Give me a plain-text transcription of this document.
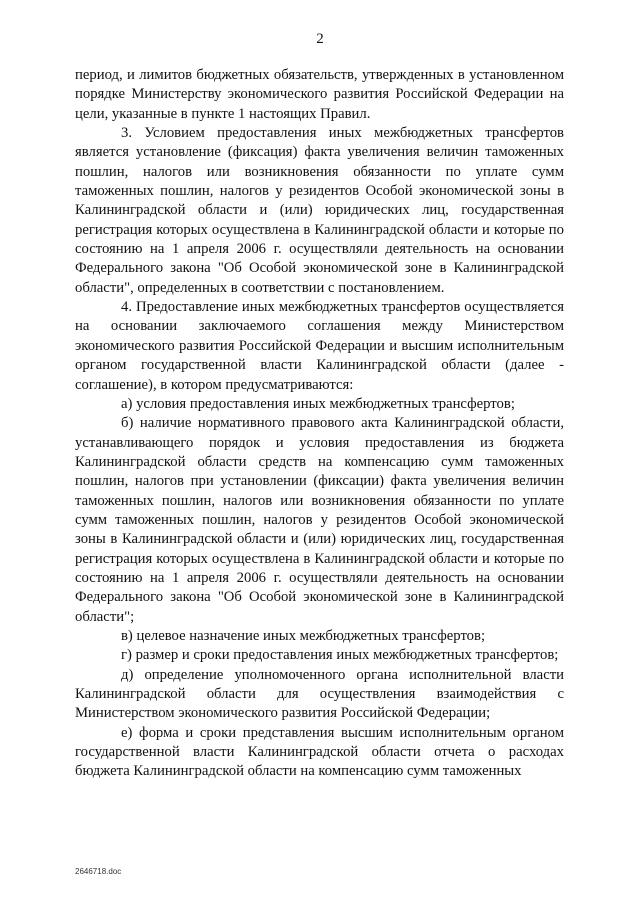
2

период, и лимитов бюджетных обязательств, утвержденных в установленном порядке Министерству экономического развития Российской Федерации на цели, указанные в пункте 1 настоящих Правил.

3. Условием предоставления иных межбюджетных трансфертов является установление (фиксация) факта увеличения величин таможенных пошлин, налогов или возникновения обязанности по уплате сумм таможенных пошлин, налогов у резидентов Особой экономической зоны в Калининградской области и (или) юридических лиц, государственная регистрация которых осуществлена в Калининградской области и которые по состоянию на 1 апреля 2006 г. осуществляли деятельность на основании Федерального закона "Об Особой экономической зоне в Калининградской области", определенных в соответствии с постановлением.

4. Предоставление иных межбюджетных трансфертов осуществляется на основании заключаемого соглашения между Министерством экономического развития Российской Федерации и высшим исполнительным органом государственной власти Калининградской области (далее - соглашение), в котором предусматриваются:

а) условия предоставления иных межбюджетных трансфертов;

б) наличие нормативного правового акта Калининградской области, устанавливающего порядок и условия предоставления из бюджета Калининградской области средств на компенсацию сумм таможенных пошлин, налогов при установлении (фиксации) факта увеличения величин таможенных пошлин, налогов или возникновения обязанности по уплате сумм таможенных пошлин, налогов у резидентов Особой экономической зоны в Калининградской области и (или) юридических лиц, государственная регистрация которых осуществлена в Калининградской области и которые по состоянию на 1 апреля 2006 г. осуществляли деятельность на основании Федерального закона "Об Особой экономической зоне в Калининградской области";

в) целевое назначение иных межбюджетных трансфертов;

г) размер и сроки предоставления иных межбюджетных трансфертов;

д) определение уполномоченного органа исполнительной власти Калининградской области для осуществления взаимодействия с Министерством экономического развития Российской Федерации;

е) форма и сроки представления высшим исполнительным органом государственной власти Калининградской области отчета о расходах бюджета Калининградской области на компенсацию сумм таможенных

2646718.doc
